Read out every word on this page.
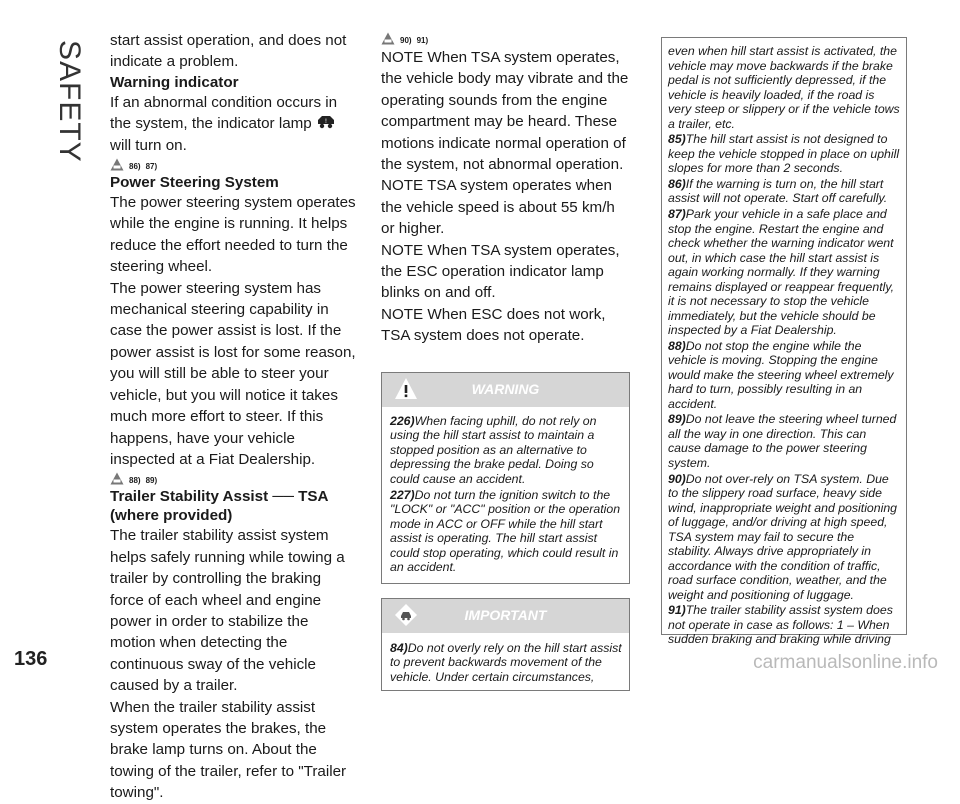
SAFETY start assist operation, and does not indicate a problem.

Warning indicator

If an abnormal condition occurs in the system, the indicator lamp !
will turn on.

86) 87)

Power Steering System

The power steering system operates while the engine is running. It helps reduce the effort needed to turn the steering wheel.

The power steering system has mechanical steering capability in case the power assist is lost. If the power assist is lost for some reason, you will still be able to steer your vehicle, but you will notice it takes much more effort to steer. If this happens, have your vehicle inspected at a Fiat Dealership.

88) 89)

Trailer Stability Assist ── TSA (where provided)

The trailer stability assist system helps safely running while towing a trailer by controlling the braking force of each wheel and engine power in order to stabilize the motion when detecting the continuous sway of the vehicle caused by a trailer.

When the trailer stability assist system operates the brakes, the brake lamp turns on. About the towing of the trailer, refer to "Trailer towing".

90) 91)

NOTE When TSA system operates, the vehicle body may vibrate and the operating sounds from the engine compartment may be heard. These motions indicate normal operation of the system, not abnormal operation.

NOTE TSA system operates when the vehicle speed is about 55 km/h or higher.

NOTE When TSA system operates, the ESC operation indicator lamp blinks on and off.

NOTE When ESC does not work, TSA system does not operate.

WARNING

226)When facing uphill, do not rely on using the hill start assist to maintain a stopped position as an alternative to depressing the brake pedal. Doing so could cause an accident.

227)Do not turn the ignition switch to the "LOCK" or "ACC" position or the operation mode in ACC or OFF while the hill start assist is operating. The hill start assist could stop operating, which could result in an accident.

IMPORTANT

84)Do not overly rely on the hill start assist to prevent backwards movement of the vehicle. Under certain circumstances,

even when hill start assist is activated, the vehicle may move backwards if the brake pedal is not sufficiently depressed, if the vehicle is heavily loaded, if the road is very steep or slippery or if the vehicle tows a trailer, etc.

85)The hill start assist is not designed to keep the vehicle stopped in place on uphill slopes for more than 2 seconds.

86)If the warning is turn on, the hill start assist will not operate. Start off carefully.

87)Park your vehicle in a safe place and stop the engine. Restart the engine and check whether the warning indicator went out, in which case the hill start assist is again working normally. If they warning remains displayed or reappear frequently, it is not necessary to stop the vehicle immediately, but the vehicle should be inspected by a Fiat Dealership.

88)Do not stop the engine while the vehicle is moving. Stopping the engine would make the steering wheel extremely hard to turn, possibly resulting in an accident.

89)Do not leave the steering wheel turned all the way in one direction. This can cause damage to the power steering system.

90)Do not over-rely on TSA system. Due to the slippery road surface, heavy side wind, inappropriate weight and positioning of luggage, and/or driving at high speed, TSA system may fail to secure the stability. Always drive appropriately in accordance with the condition of traffic, road surface condition, weather, and the weight and positioning of luggage.

91)The trailer stability assist system does not operate in case as follows: 1 – When sudden braking and braking while driving

136	carmanualsonline.info
